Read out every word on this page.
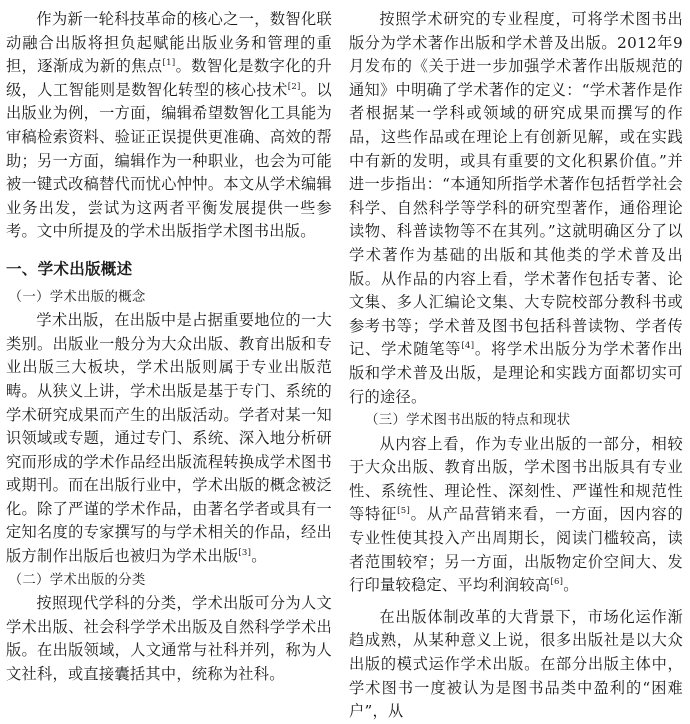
作为新一轮科技革命的核心之一，数智化联动融合出版将担负起赋能出版业务和管理的重担，逐渐成为新的焦点[1]。数智化是数字化的升级，人工智能则是数智化转型的核心技术[2]。以出版业为例，一方面，编辑希望数智化工具能为审稿检索资料、验证正误提供更准确、高效的帮助；另一方面，编辑作为一种职业，也会为可能被一键式改稿替代而忧心忡忡。本文从学术编辑业务出发，尝试为这两者平衡发展提供一些参考。文中所提及的学术出版指学术图书出版。

一、学术出版概述

（一）学术出版的概念

学术出版，在出版中是占据重要地位的一大类别。出版业一般分为大众出版、教育出版和专业出版三大板块，学术出版则属于专业出版范畴。从狭义上讲，学术出版是基于专门、系统的学术研究成果而产生的出版活动。学者对某一知识领域或专题，通过专门、系统、深入地分析研究而形成的学术作品经出版流程转换成学术图书或期刊。而在出版行业中，学术出版的概念被泛化。除了严谨的学术作品，由著名学者或具有一定知名度的专家撰写的与学术相关的作品，经出版方制作出版后也被归为学术出版[3]。

（二）学术出版的分类

按照现代学科的分类，学术出版可分为人文学术出版、社会科学学术出版及自然科学学术出版。在出版领域，人文通常与社科并列，称为人文社科，或直接囊括其中，统称为社科。

按照学术研究的专业程度，可将学术图书出版分为学术著作出版和学术普及出版。2012年9月发布的《关于进一步加强学术著作出版规范的通知》中明确了学术著作的定义：“学术著作是作者根据某一学科或领域的研究成果而撰写的作品，这些作品或在理论上有创新见解，或在实践中有新的发明，或具有重要的文化积累价值。”并进一步指出：“本通知所指学术著作包括哲学社会科学、自然科学等学科的研究型著作，通俗理论读物、科普读物等不在其列。”这就明确区分了以学术著作为基础的出版和其他类的学术普及出版。从作品的内容上看，学术著作包括专著、论文集、多人汇编论文集、大专院校部分教科书或参考书等；学术普及图书包括科普读物、学者传记、学术随笔等[4]。将学术出版分为学术著作出版和学术普及出版，是理论和实践方面都切实可行的途径。

（三）学术图书出版的特点和现状

从内容上看，作为专业出版的一部分，相较于大众出版、教育出版，学术图书出版具有专业性、系统性、理论性、深刻性、严谨性和规范性等特征[5]。从产品营销来看，一方面，因内容的专业性使其投入产出周期长，阅读门槛较高，读者范围较窄；另一方面，出版物定价空间大、发行印量较稳定、平均利润较高[6]。

在出版体制改革的大背景下，市场化运作渐趋成熟，从某种意义上说，很多出版社是以大众出版的模式运作学术出版。在部分出版主体中，学术图书一度被认为是图书品类中盈利的“困难户”，从
